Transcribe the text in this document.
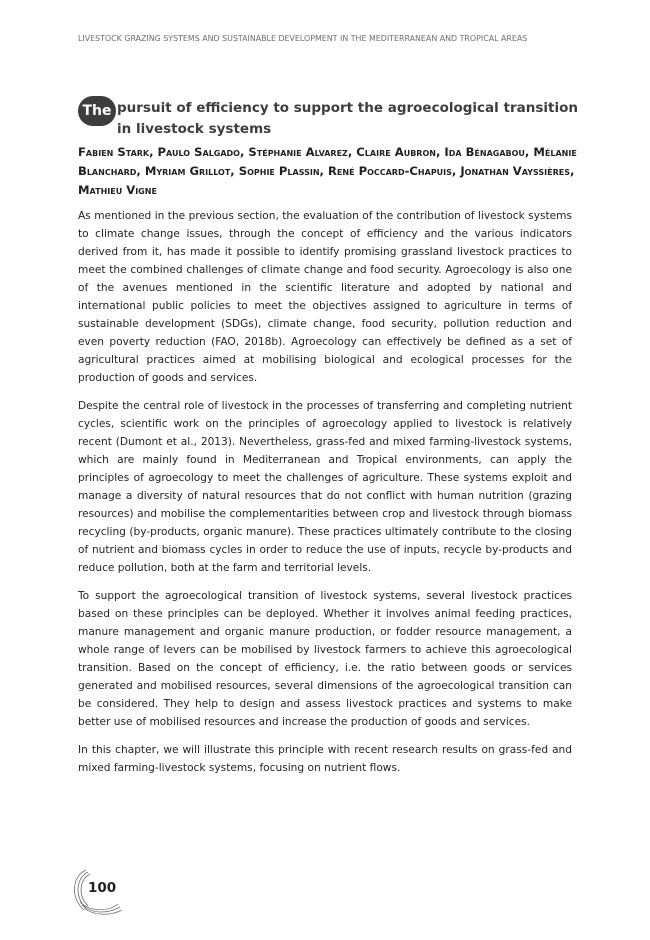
LIVESTOCK GRAZING SYSTEMS AND SUSTAINABLE DEVELOPMENT IN THE MEDITERRANEAN AND TROPICAL AREAS
The pursuit of efficiency to support the agroecological transition in livestock systems
Fabien Stark, Paulo Salgado, Stéphanie Alvarez, Claire Aubron, Ida Bénagabou, Mélanie Blanchard, Myriam Grillot, Sophie Plassin, René Poccard-Chapuis, Jonathan Vayssières, Mathieu Vigne

As mentioned in the previous section, the evaluation of the contribution of livestock systems to climate change issues, through the concept of efficiency and the various indicators derived from it, has made it possible to identify promising grassland livestock practices to meet the combined challenges of climate change and food security. Agroecology is also one of the avenues mentioned in the scientific literature and adopted by national and international public policies to meet the objectives assigned to agriculture in terms of sustainable development (SDGs), climate change, food security, pollution reduction and even poverty reduction (FAO, 2018b). Agroecology can effectively be defined as a set of agricultural practices aimed at mobilising biological and ecological processes for the production of goods and services.

Despite the central role of livestock in the processes of transferring and completing nutrient cycles, scientific work on the principles of agroecology applied to livestock is relatively recent (Dumont et al., 2013). Nevertheless, grass-fed and mixed farming-livestock systems, which are mainly found in Mediterranean and Tropical environments, can apply the principles of agroecology to meet the challenges of agriculture. These systems exploit and manage a diversity of natural resources that do not conflict with human nutrition (grazing resources) and mobilise the complementarities between crop and livestock through biomass recycling (by-products, organic manure). These practices ultimately contribute to the closing of nutrient and biomass cycles in order to reduce the use of inputs, recycle by-products and reduce pollution, both at the farm and territorial levels.

To support the agroecological transition of livestock systems, several livestock practices based on these principles can be deployed. Whether it involves animal feeding practices, manure management and organic manure production, or fodder resource management, a whole range of levers can be mobilised by livestock farmers to achieve this agroecological transition. Based on the concept of efficiency, i.e. the ratio between goods or services generated and mobilised resources, several dimensions of the agroecological transition can be considered. They help to design and assess livestock practices and systems to make better use of mobilised resources and increase the production of goods and services.

In this chapter, we will illustrate this principle with recent research results on grass-fed and mixed farming-livestock systems, focusing on nutrient flows.

100
